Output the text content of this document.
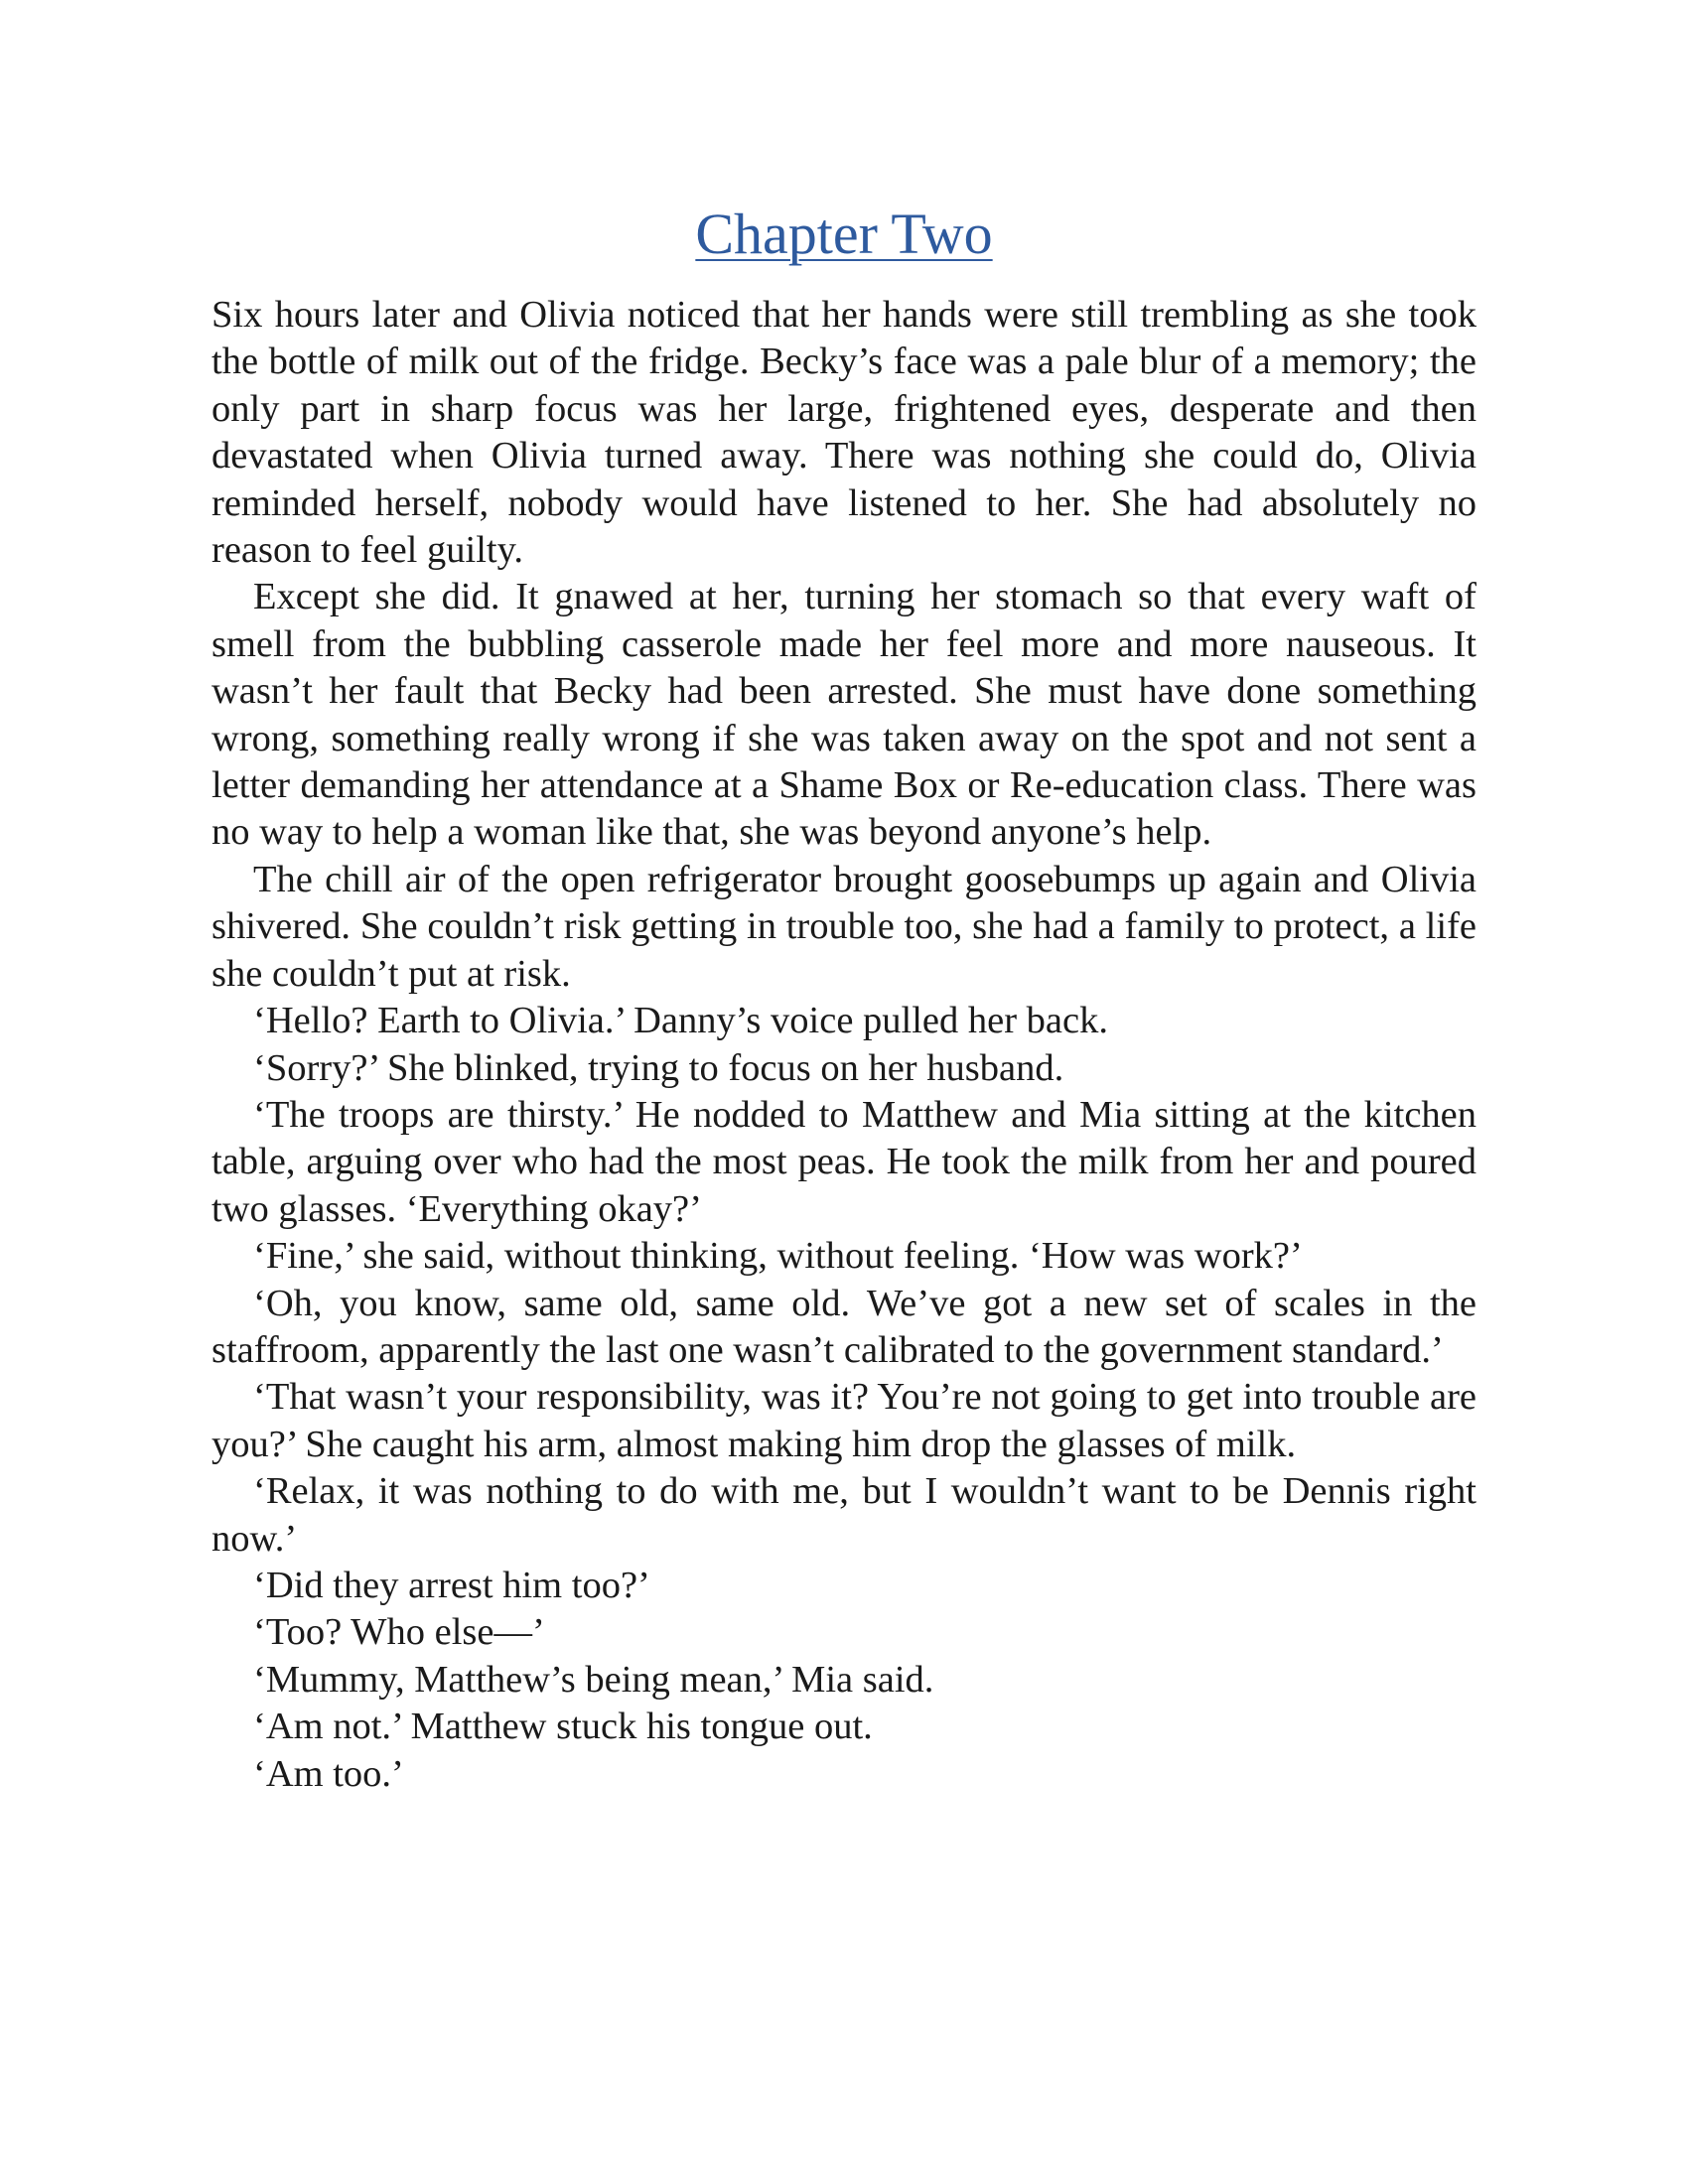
Chapter Two

Six hours later and Olivia noticed that her hands were still trembling as she took the bottle of milk out of the fridge. Becky’s face was a pale blur of a memory; the only part in sharp focus was her large, frightened eyes, desperate and then devastated when Olivia turned away. There was nothing she could do, Olivia reminded herself, nobody would have listened to her. She had absolutely no reason to feel guilty.

Except she did. It gnawed at her, turning her stomach so that every waft of smell from the bubbling casserole made her feel more and more nauseous. It wasn’t her fault that Becky had been arrested. She must have done something wrong, something really wrong if she was taken away on the spot and not sent a letter demanding her attendance at a Shame Box or Re-education class. There was no way to help a woman like that, she was beyond anyone’s help.

The chill air of the open refrigerator brought goosebumps up again and Olivia shivered. She couldn’t risk getting in trouble too, she had a family to protect, a life she couldn’t put at risk.

‘Hello? Earth to Olivia.’ Danny’s voice pulled her back.

‘Sorry?’ She blinked, trying to focus on her husband.

‘The troops are thirsty.’ He nodded to Matthew and Mia sitting at the kitchen table, arguing over who had the most peas. He took the milk from her and poured two glasses. ‘Everything okay?’

‘Fine,’ she said, without thinking, without feeling. ‘How was work?’

‘Oh, you know, same old, same old. We’ve got a new set of scales in the staffroom, apparently the last one wasn’t calibrated to the government standard.’

‘That wasn’t your responsibility, was it? You’re not going to get into trouble are you?’ She caught his arm, almost making him drop the glasses of milk.

‘Relax, it was nothing to do with me, but I wouldn’t want to be Dennis right now.’

‘Did they arrest him too?’

‘Too? Who else—’

‘Mummy, Matthew’s being mean,’ Mia said.

‘Am not.’ Matthew stuck his tongue out.

‘Am too.’
